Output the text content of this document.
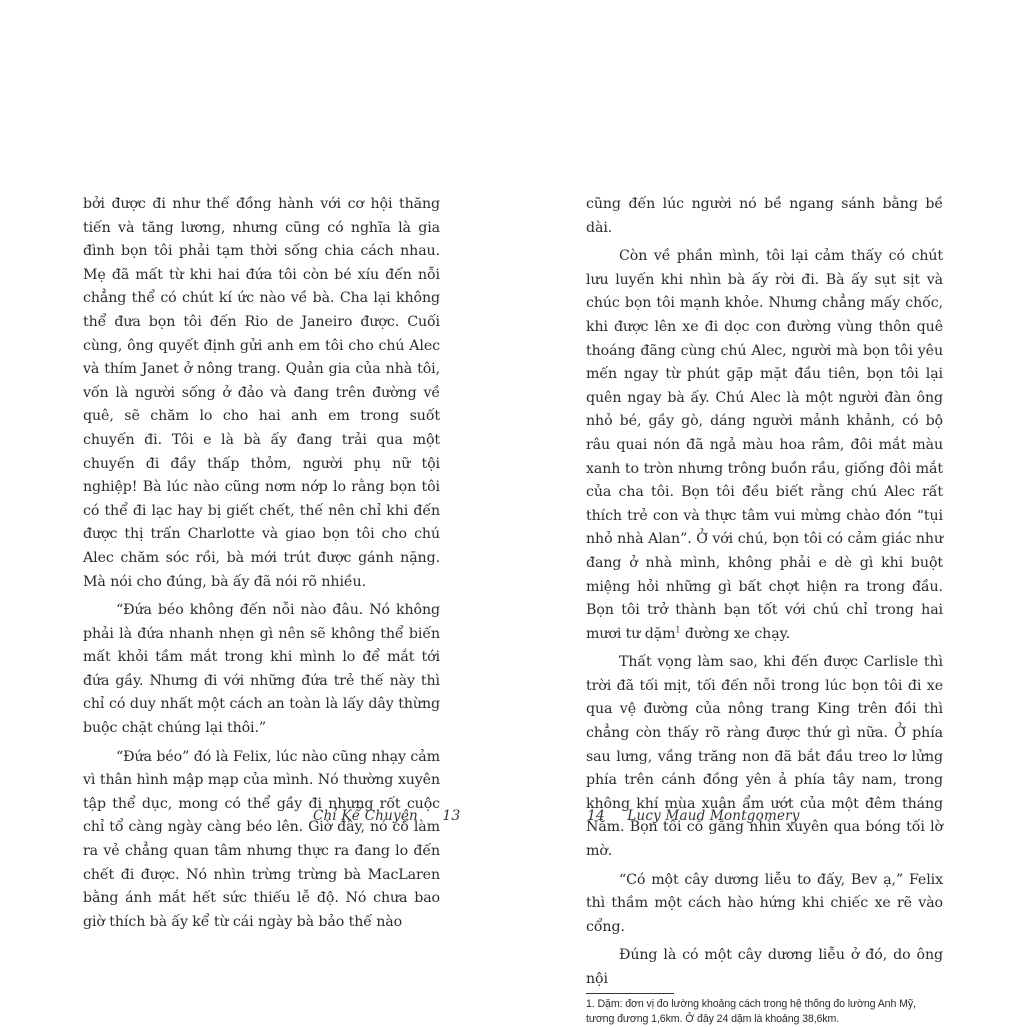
bởi được đi như thế đồng hành với cơ hội thăng tiến và tăng lương, nhưng cũng có nghĩa là gia đình bọn tôi phải tạm thời sống chia cách nhau. Mẹ đã mất từ khi hai đứa tôi còn bé xíu đến nỗi chẳng thể có chút kí ức nào về bà. Cha lại không thể đưa bọn tôi đến Rio de Janeiro được. Cuối cùng, ông quyết định gửi anh em tôi cho chú Alec và thím Janet ở nông trang. Quản gia của nhà tôi, vốn là người sống ở đảo và đang trên đường về quê, sẽ chăm lo cho hai anh em trong suốt chuyến đi. Tôi e là bà ấy đang trải qua một chuyến đi đầy thấp thỏm, người phụ nữ tội nghiệp! Bà lúc nào cũng nơm nớp lo rằng bọn tôi có thể đi lạc hay bị giết chết, thế nên chỉ khi đến được thị trấn Charlotte và giao bọn tôi cho chú Alec chăm sóc rồi, bà mới trút được gánh nặng. Mà nói cho đúng, bà ấy đã nói rõ nhiều.

“Đứa béo không đến nỗi nào đâu. Nó không phải là đứa nhanh nhẹn gì nên sẽ không thể biến mất khỏi tầm mắt trong khi mình lo để mắt tới đứa gầy. Nhưng đi với những đứa trẻ thế này thì chỉ có duy nhất một cách an toàn là lấy dây thừng buộc chặt chúng lại thôi.”

“Đứa béo” đó là Felix, lúc nào cũng nhạy cảm vì thân hình mập mạp của mình. Nó thường xuyên tập thể dục, mong có thể gầy đi nhưng rốt cuộc chỉ tổ càng ngày càng béo lên. Giờ đây, nó cố làm ra vẻ chẳng quan tâm nhưng thực ra đang lo đến chết đi được. Nó nhìn trừng trừng bà MacLaren bằng ánh mắt hết sức thiếu lễ độ. Nó chưa bao giờ thích bà ấy kể từ cái ngày bà bảo thế nào

Chỉ Kể Chuyện 13

cũng đến lúc người nó bề ngang sánh bằng bề dài.

Còn về phần mình, tôi lại cảm thấy có chút lưu luyến khi nhìn bà ấy rời đi. Bà ấy sụt sịt và chúc bọn tôi mạnh khỏe. Nhưng chẳng mấy chốc, khi được lên xe đi dọc con đường vùng thôn quê thoáng đãng cùng chú Alec, người mà bọn tôi yêu mến ngay từ phút gặp mặt đầu tiên, bọn tôi lại quên ngay bà ấy. Chú Alec là một người đàn ông nhỏ bé, gầy gò, dáng người mảnh khảnh, có bộ râu quai nón đã ngả màu hoa râm, đôi mắt màu xanh to tròn nhưng trông buồn rầu, giống đôi mắt của cha tôi. Bọn tôi đều biết rằng chú Alec rất thích trẻ con và thực tâm vui mừng chào đón “tụi nhỏ nhà Alan”. Ở với chú, bọn tôi có cảm giác như đang ở nhà mình, không phải e dè gì khi buột miệng hỏi những gì bất chợt hiện ra trong đầu. Bọn tôi trở thành bạn tốt với chú chỉ trong hai mươi tư dặm$^1$ đường xe chạy.

Thất vọng làm sao, khi đến được Carlisle thì trời đã tối mịt, tối đến nỗi trong lúc bọn tôi đi xe qua vệ đường của nông trang King trên đồi thì chẳng còn thấy rõ ràng được thứ gì nữa. Ở phía sau lưng, vầng trăng non đã bắt đầu treo lơ lửng phía trên cánh đồng yên ả phía tây nam, trong không khí mùa xuân ẩm ướt của một đêm tháng Năm. Bọn tôi cố gắng nhìn xuyên qua bóng tối lờ mờ.

“Có một cây dương liễu to đấy, Bev ạ,” Felix thì thầm một cách hào hứng khi chiếc xe rẽ vào cổng.

Đúng là có một cây dương liễu ở đó, do ông nội

1. Dặm: đơn vị đo lường khoảng cách trong hệ thống đo lường Anh Mỹ, tương đương 1,6km. Ở đây 24 dặm là khoảng 38,6km.

14 Lucy Maud Montgomery
